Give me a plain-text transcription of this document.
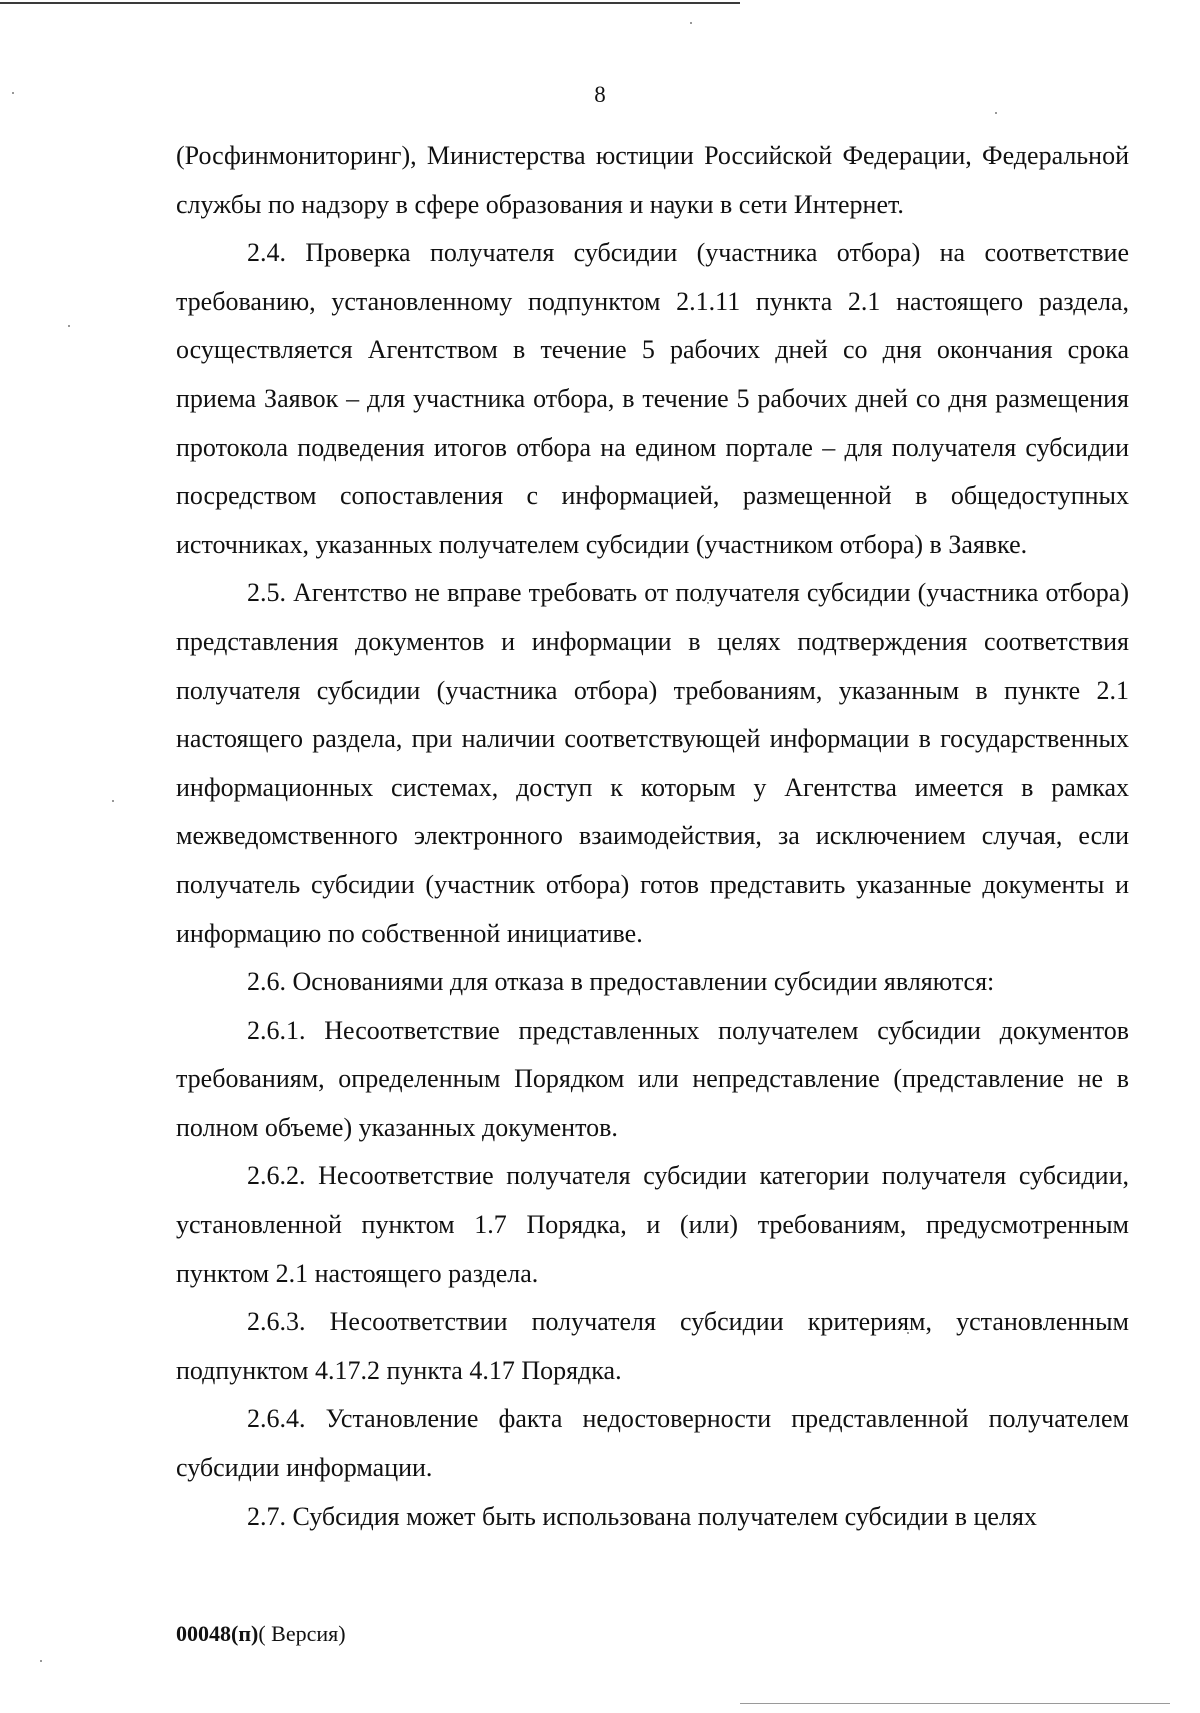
8

(Росфинмониторинг), Министерства юстиции Российской Федерации, Федеральной службы по надзору в сфере образования и науки в сети Интернет.

2.4. Проверка получателя субсидии (участника отбора) на соответствие требованию, установленному подпунктом 2.1.11 пункта 2.1 настоящего раздела, осуществляется Агентством в течение 5 рабочих дней со дня окончания срока приема Заявок – для участника отбора, в течение 5 рабочих дней со дня размещения протокола подведения итогов отбора на едином портале – для получателя субсидии посредством сопоставления с информацией, размещенной в общедоступных источниках, указанных получателем субсидии (участником отбора) в Заявке.

2.5. Агентство не вправе требовать от получателя субсидии (участника отбора) представления документов и информации в целях подтверждения соответствия получателя субсидии (участника отбора) требованиям, указанным в пункте 2.1 настоящего раздела, при наличии соответствующей информации в государственных информационных системах, доступ к которым у Агентства имеется в рамках межведомственного электронного взаимодействия, за исключением случая, если получатель субсидии (участник отбора) готов представить указанные документы и информацию по собственной инициативе.

2.6. Основаниями для отказа в предоставлении субсидии являются:

2.6.1. Несоответствие представленных получателем субсидии документов требованиям, определенным Порядком или непредставление (представление не в полном объеме) указанных документов.

2.6.2. Несоответствие получателя субсидии категории получателя субсидии, установленной пунктом 1.7 Порядка, и (или) требованиям, предусмотренным пунктом 2.1 настоящего раздела.

2.6.3. Несоответствии получателя субсидии критериям, установленным подпунктом 4.17.2 пункта 4.17 Порядка.

2.6.4. Установление факта недостоверности представленной получателем субсидии информации.

2.7. Субсидия может быть использована получателем субсидии в целях

00048(п)( Версия)
